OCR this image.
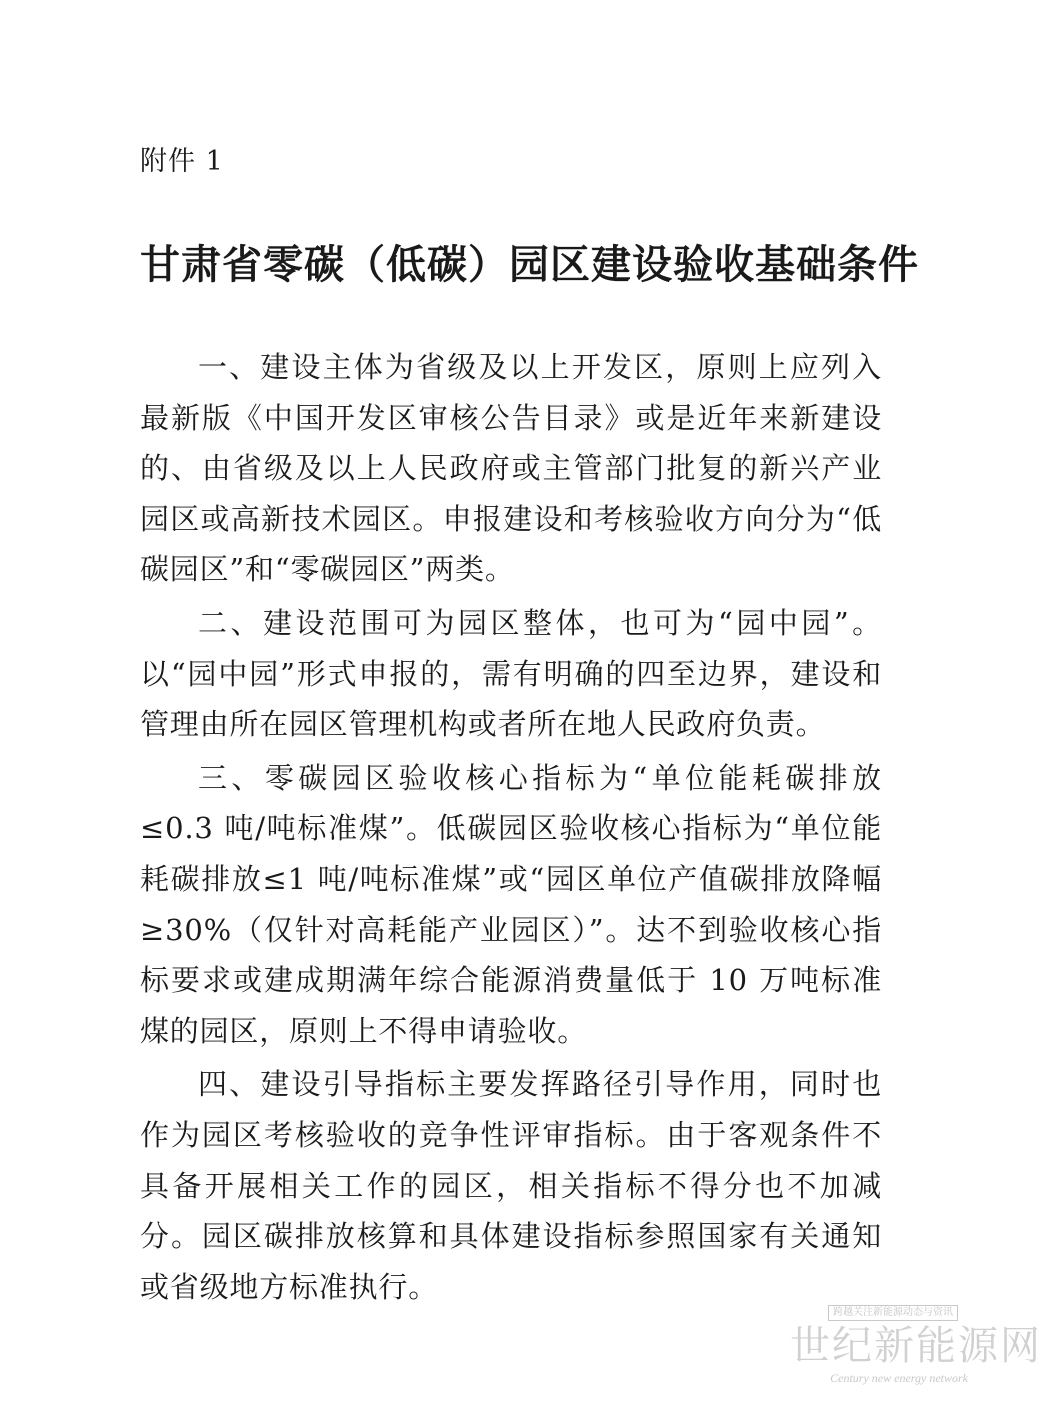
附件 1
甘肃省零碳（低碳）园区建设验收基础条件

一、建设主体为省级及以上开发区，原则上应列入最新版《中国开发区审核公告目录》或是近年来新建设的、由省级及以上人民政府或主管部门批复的新兴产业园区或高新技术园区。申报建设和考核验收方向分为“低碳园区”和“零碳园区”两类。

二、建设范围可为园区整体，也可为“园中园”。以“园中园”形式申报的，需有明确的四至边界，建设和管理由所在园区管理机构或者所在地人民政府负责。

三、零碳园区验收核心指标为“单位能耗碳排放≤0.3 吨/吨标准煤”。低碳园区验收核心指标为“单位能耗碳排放≤1 吨/吨标准煤”或“园区单位产值碳排放降幅≥30%（仅针对高耗能产业园区）”。达不到验收核心指标要求或建成期满年综合能源消费量低于 10 万吨标准煤的园区，原则上不得申请验收。

四、建设引导指标主要发挥路径引导作用，同时也作为园区考核验收的竞争性评审指标。由于客观条件不具备开展相关工作的园区，相关指标不得分也不加减分。园区碳排放核算和具体建设指标参照国家有关通知或省级地方标准执行。

跨越关注新能源动态与资讯
世纪新能源网
Century new energy network
